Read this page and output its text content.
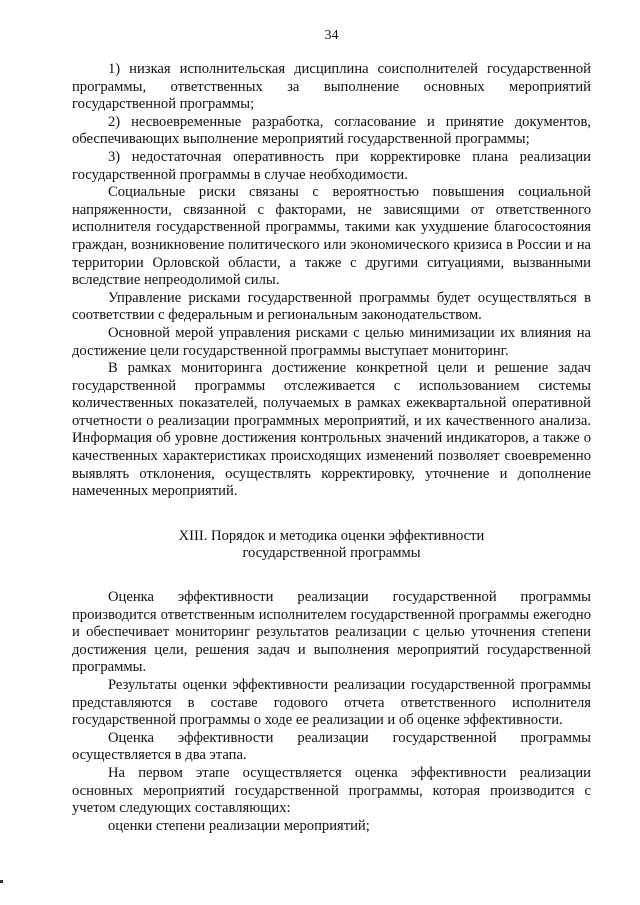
34

1) низкая исполнительская дисциплина соисполнителей государственной программы, ответственных за выполнение основных мероприятий государственной программы;

2) несвоевременные разработка, согласование и принятие документов, обеспечивающих выполнение мероприятий государственной программы;

3) недостаточная оперативность при корректировке плана реализации государственной программы в случае необходимости.

Социальные риски связаны с вероятностью повышения социальной напряженности, связанной с факторами, не зависящими от ответственного исполнителя государственной программы, такими как ухудшение благосостояния граждан, возникновение политического или экономического кризиса в России и на территории Орловской области, а также с другими ситуациями, вызванными вследствие непреодолимой силы.

Управление рисками государственной программы будет осуществляться в соответствии с федеральным и региональным законодательством.

Основной мерой управления рисками с целью минимизации их влияния на достижение цели государственной программы выступает мониторинг.

В рамках мониторинга достижение конкретной цели и решение задач государственной программы отслеживается с использованием системы количественных показателей, получаемых в рамках ежеквартальной оперативной отчетности о реализации программных мероприятий, и их качественного анализа. Информация об уровне достижения контрольных значений индикаторов, а также о качественных характеристиках происходящих изменений позволяет своевременно выявлять отклонения, осуществлять корректировку, уточнение и дополнение намеченных мероприятий.

XIII. Порядок и методика оценки эффективности
государственной программы

Оценка эффективности реализации государственной программы производится ответственным исполнителем государственной программы ежегодно и обеспечивает мониторинг результатов реализации с целью уточнения степени достижения цели, решения задач и выполнения мероприятий государственной программы.

Результаты оценки эффективности реализации государственной программы представляются в составе годового отчета ответственного исполнителя государственной программы о ходе ее реализации и об оценке эффективности.

Оценка эффективности реализации государственной программы осуществляется в два этапа.

На первом этапе осуществляется оценка эффективности реализации основных мероприятий государственной программы, которая производится с учетом следующих составляющих:

оценки степени реализации мероприятий;
